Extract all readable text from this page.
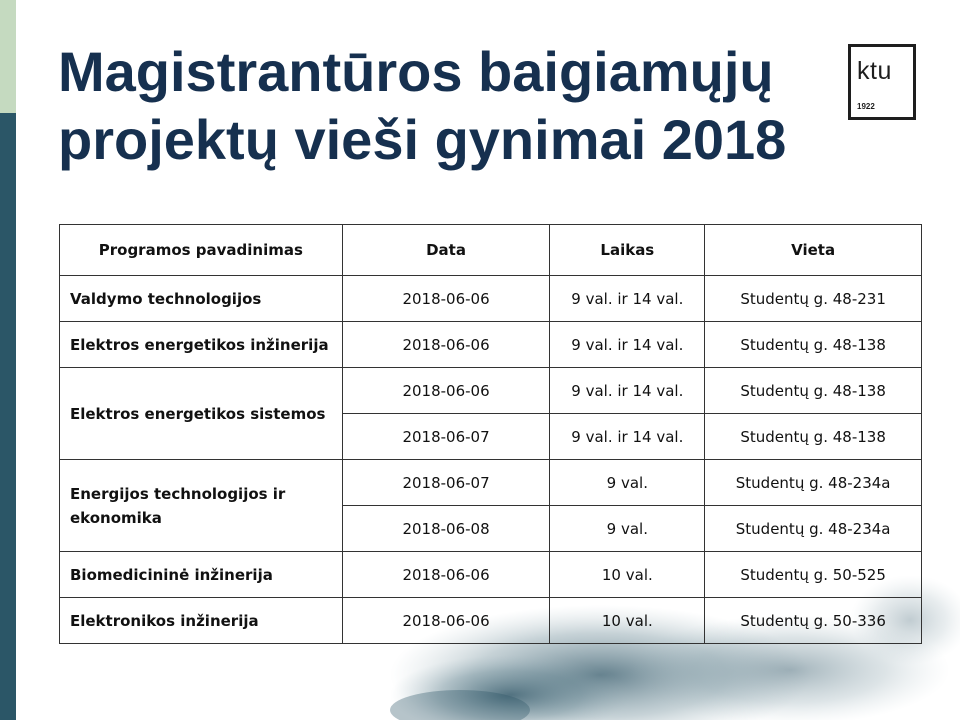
Magistrantūros baigiamųjų
projektų vieši gynimai 2018
ktu
1922
Programos pavadinimas	Data	Laikas	Vieta
Valdymo technologijos	2018-06-06	9 val. ir 14 val.	Studentų g. 48-231
Elektros energetikos inžinerija	2018-06-06	9 val. ir 14 val.	Studentų g. 48-138
Elektros energetikos sistemos	2018-06-06	9 val. ir 14 val.	Studentų g. 48-138
	2018-06-07	9 val. ir 14 val.	Studentų g. 48-138
Energijos technologijos ir ekonomika	2018-06-07	9 val.	Studentų g. 48-234a
	2018-06-08	9 val.	Studentų g. 48-234a
Biomedicininė inžinerija	2018-06-06	10 val.	Studentų g. 50-525
Elektronikos inžinerija	2018-06-06	10 val.	Studentų g. 50-336
